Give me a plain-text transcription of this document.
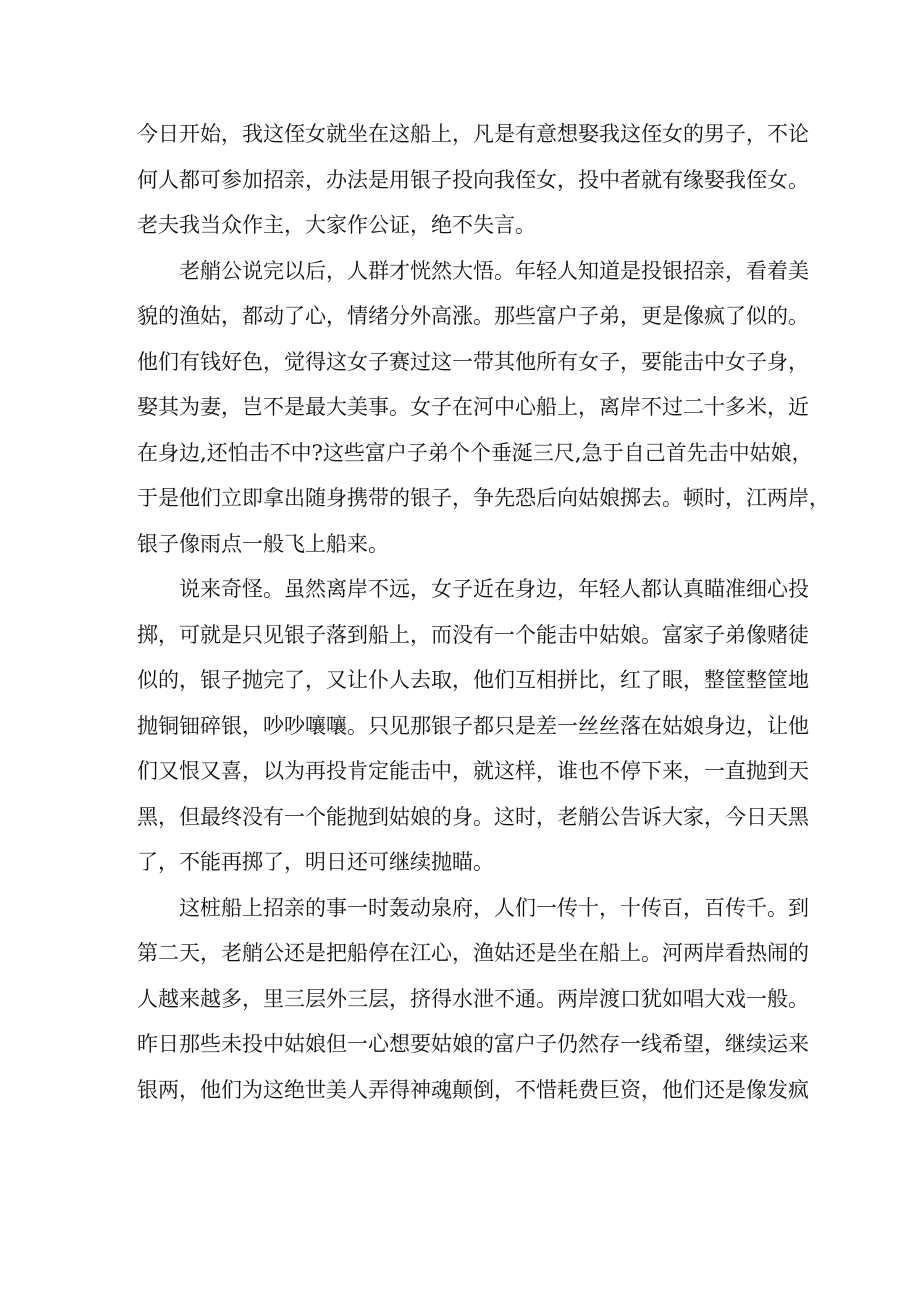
今日开始，我这侄女就坐在这船上，凡是有意想娶我这侄女的男子，不论
何人都可参加招亲，办法是用银子投向我侄女，投中者就有缘娶我侄女。
老夫我当众作主，大家作公证，绝不失言。
　　老艄公说完以后，人群才恍然大悟。年轻人知道是投银招亲，看着美
貌的渔姑，都动了心，情绪分外高涨。那些富户子弟，更是像疯了似的。
他们有钱好色，觉得这女子赛过这一带其他所有女子，要能击中女子身，
娶其为妻，岂不是最大美事。女子在河中心船上，离岸不过二十多米，近
在身边,还怕击不中?这些富户子弟个个垂涎三尺,急于自己首先击中姑娘，
于是他们立即拿出随身携带的银子，争先恐后向姑娘掷去。顿时，江两岸，
银子像雨点一般飞上船来。
　　说来奇怪。虽然离岸不远，女子近在身边，年轻人都认真瞄准细心投
掷，可就是只见银子落到船上，而没有一个能击中姑娘。富家子弟像赌徒
似的，银子抛完了，又让仆人去取，他们互相拼比，红了眼，整筐整筐地
抛铜钿碎银，吵吵嚷嚷。只见那银子都只是差一丝丝落在姑娘身边，让他
们又恨又喜，以为再投肯定能击中，就这样，谁也不停下来，一直抛到天
黑，但最终没有一个能抛到姑娘的身。这时，老艄公告诉大家，今日天黑
了，不能再掷了，明日还可继续抛瞄。
　　这桩船上招亲的事一时轰动泉府，人们一传十，十传百，百传千。到
第二天，老艄公还是把船停在江心，渔姑还是坐在船上。河两岸看热闹的
人越来越多，里三层外三层，挤得水泄不通。两岸渡口犹如唱大戏一般。
昨日那些未投中姑娘但一心想要姑娘的富户子仍然存一线希望，继续运来
银两，他们为这绝世美人弄得神魂颠倒，不惜耗费巨资，他们还是像发疯
